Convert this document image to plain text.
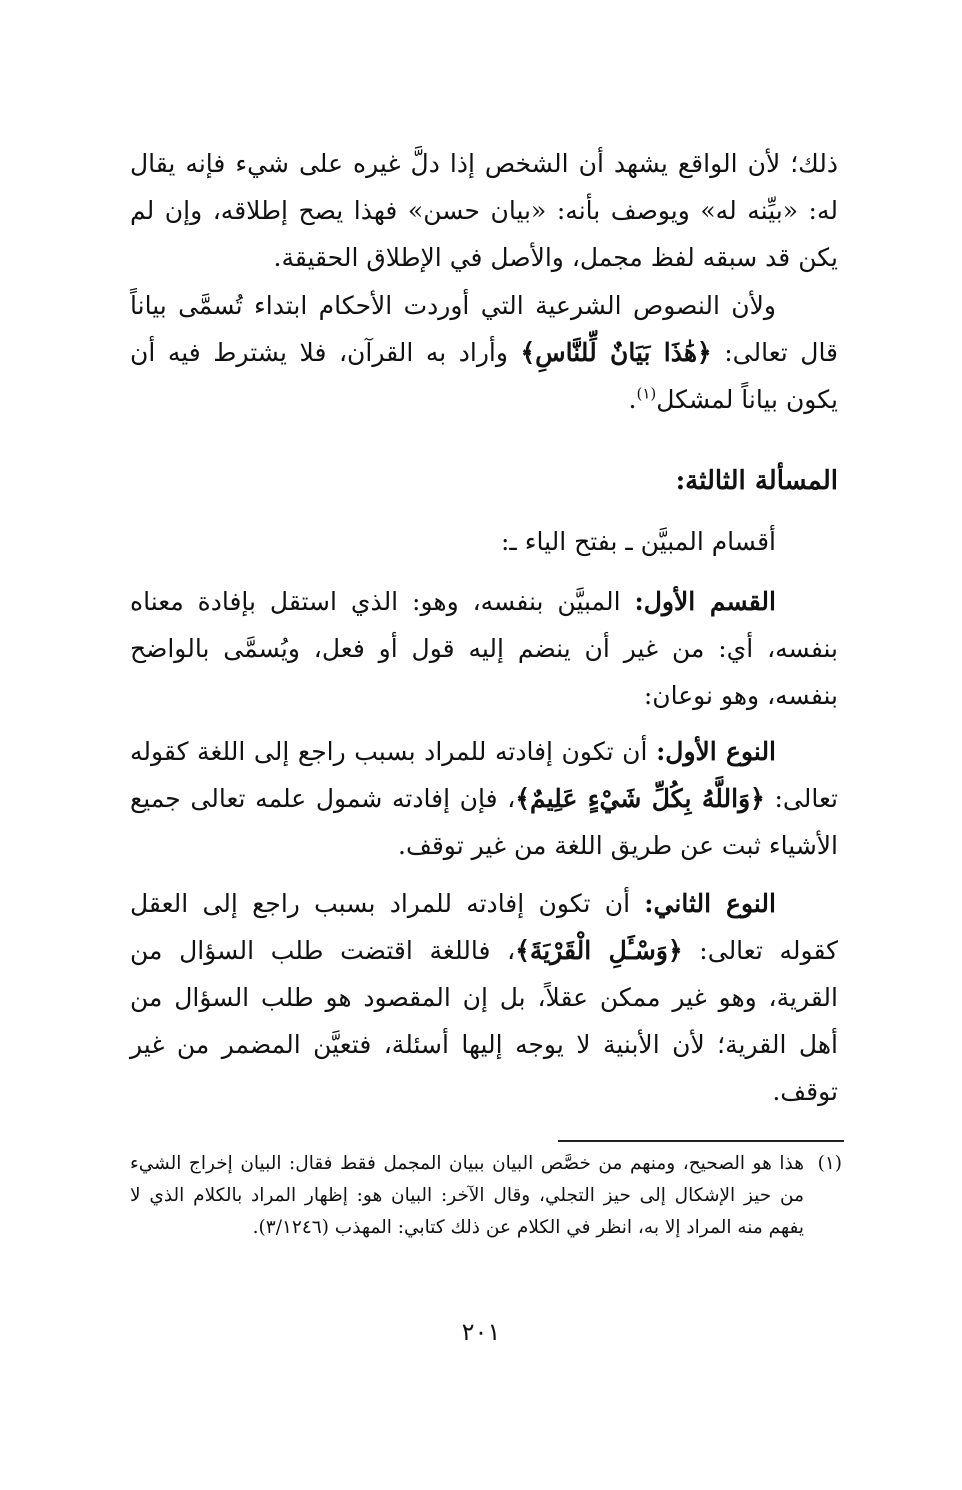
ذلك؛ لأن الواقع يشهد أن الشخص إذا دلَّ غيره على شيء فإنه يقال له: «بيِّنه له» ويوصف بأنه: «بيان حسن» فهذا يصح إطلاقه، وإن لم يكن قد سبقه لفظ مجمل، والأصل في الإطلاق الحقيقة.

ولأن النصوص الشرعية التي أوردت الأحكام ابتداء تُسمَّى بياناً قال تعالى: ﴿هَٰذَا بَيَانٌ لِّلنَّاسِ﴾ وأراد به القرآن، فلا يشترط فيه أن يكون بياناً لمشكل$^{(١)}$.

المسألة الثالثة:

أقسام المبيَّن ـ بفتح الياء ـ:

القسم الأول: المبيَّن بنفسه، وهو: الذي استقل بإفادة معناه بنفسه، أي: من غير أن ينضم إليه قول أو فعل، ويُسمَّى بالواضح بنفسه، وهو نوعان:

النوع الأول: أن تكون إفادته للمراد بسبب راجع إلى اللغة كقوله تعالى: ﴿وَاللَّهُ بِكُلِّ شَيْءٍ عَلِيمٌ﴾، فإن إفادته شمول علمه تعالى جميع الأشياء ثبت عن طريق اللغة من غير توقف.

النوع الثاني: أن تكون إفادته للمراد بسبب راجع إلى العقل كقوله تعالى: ﴿وَسْـَٔلِ الْقَرْيَةَ﴾، فاللغة اقتضت طلب السؤال من القرية، وهو غير ممكن عقلاً، بل إن المقصود هو طلب السؤال من أهل القرية؛ لأن الأبنية لا يوجه إليها أسئلة، فتعيَّن المضمر من غير توقف.

(١)
هذا هو الصحيح، ومنهم من خصَّص البيان ببيان المجمل فقط فقال: البيان إخراج الشيء من حيز الإشكال إلى حيز التجلي، وقال الآخر: البيان هو: إظهار المراد بالكلام الذي لا يفهم منه المراد إلا به، انظر في الكلام عن ذلك كتابي: المهذب (٣/١٢٤٦).
٢٠١
